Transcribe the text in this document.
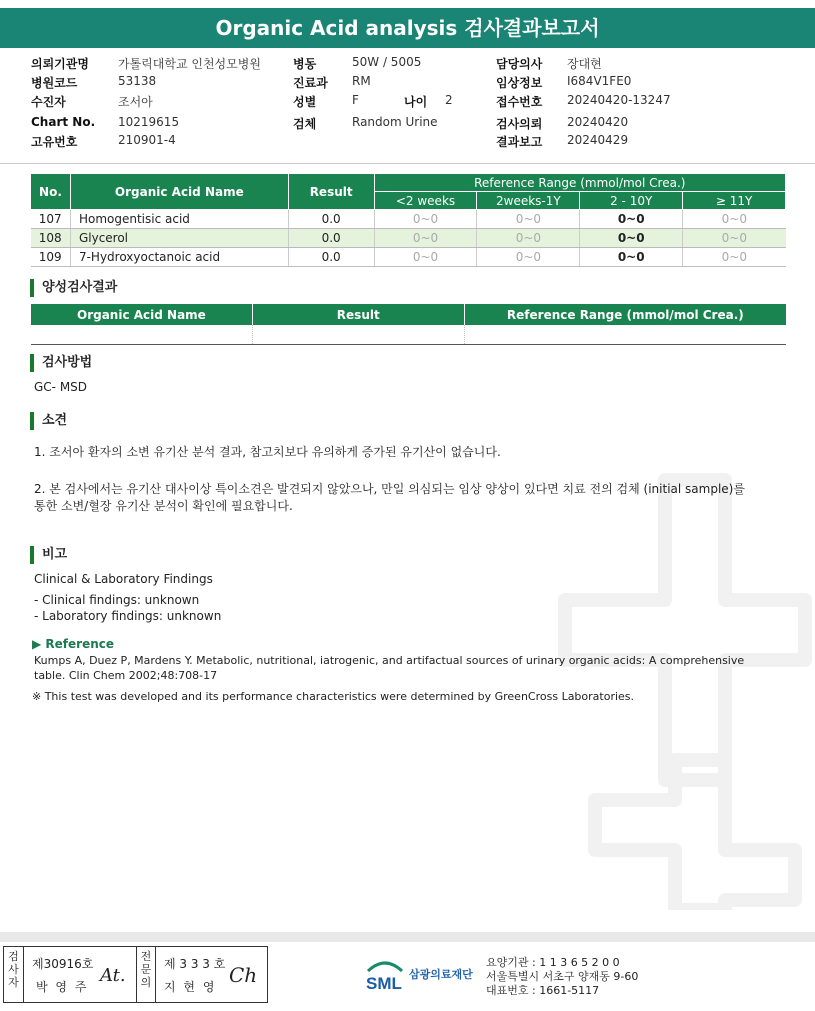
Organic Acid analysis 검사결과보고서
의뢰기관명 가톨릭대학교 인천성모병원	병동	50W / 5005	담당의사 장대현
병원코드	53138	진료과 RM	임상정보 I684V1FE0
수진자	조서아	성별	F	나이 2	접수번호 20240420-13247
Chart No. 10219615	검체	Random Urine	검사의뢰 20240420
고유번호	210901-4	결과보고 20240429
No.	Organic Acid Name	Result	Reference Range (mmol/mol Crea.)			
			<2 weeks	2weeks-1Y	2 - 10Y	≥ 11Y
107	Homogentisic acid	0.0	0~0	0~0	0~0	0~0
108	Glycerol	0.0	0~0	0~0	0~0	0~0
109	7-Hydroxyoctanoic acid	0.0	0~0	0~0	0~0	0~0
양성검사결과
Organic Acid Name	Result	Reference Range (mmol/mol Crea.)

검사방법
GC- MSD
소견
1. 조서아 환자의 소변 유기산 분석 결과, 참고치보다 유의하게 증가된 유기산이 없습니다.
2. 본 검사에서는 유기산 대사이상 특이소견은 발견되지 않았으나, 만일 의심되는 임상 양상이 있다면 치료 전의 검체 (initial sample)를
통한 소변/혈장 유기산 분석이 확인에 필요합니다.
비고
Clinical & Laboratory Findings
- Clinical findings: unknown
- Laboratory findings: unknown
▶ Reference
Kumps A, Duez P, Mardens Y. Metabolic, nutritional, iatrogenic, and artifactual sources of urinary organic acids: A comprehensive
table. Clin Chem 2002;48:708-17
※ This test was developed and its performance characteristics were determined by GreenCross Laboratories.
검
사
자
제30916호
박 영 주
At.
전
문
의
제 3 3 3 호
지 현 영 Ch	SML 삼광의료재단
요양기관 : 1 1 3 6 5 2 0 0
서울특별시 서초구 양재동 9-60
대표번호 : 1661-5117
